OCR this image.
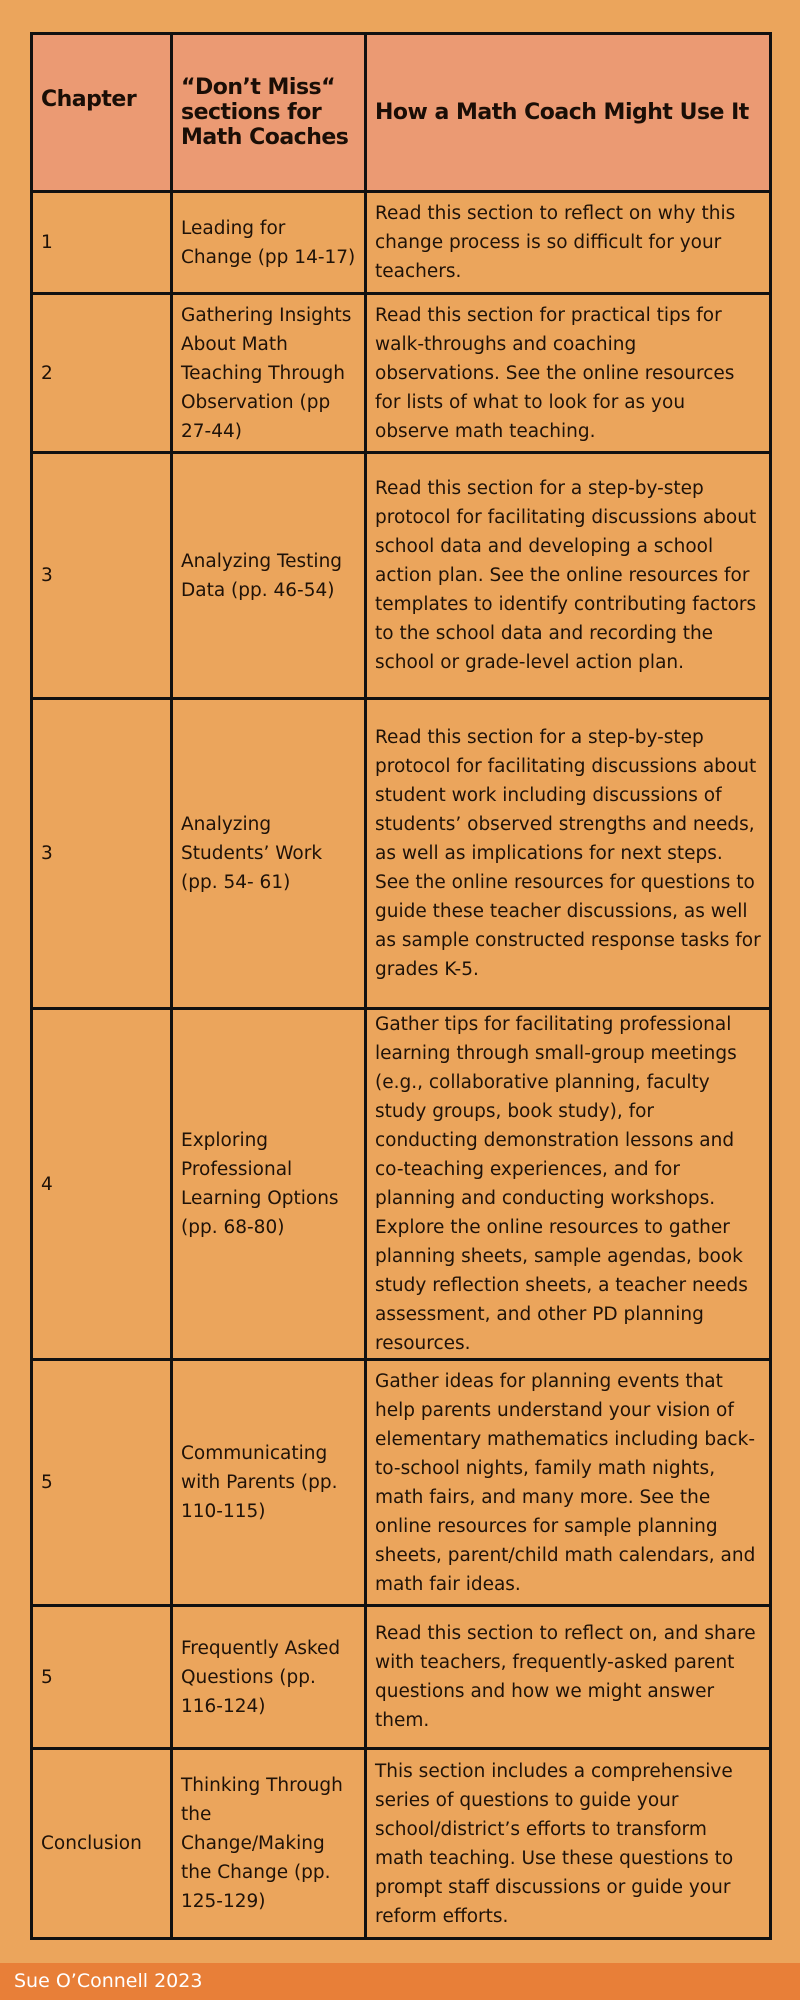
Chapter	“Don’t Miss“ sections for Math Coaches	How a Math Coach Might Use It
1	Leading for Change (pp 14-17)	Read this section to reflect on why this change process is so difficult for your teachers.
2	Gathering Insights About Math Teaching Through Observation (pp 27-44)	Read this section for practical tips for walk-throughs and coaching observations. See the online resources for lists of what to look for as you observe math teaching.
3	Analyzing Testing Data (pp. 46-54)	Read this section for a step-by-step protocol for facilitating discussions about school data and developing a school action plan. See the online resources for templates to identify contributing factors to the school data and recording the school or grade-level action plan.
3	Analyzing Students’ Work (pp. 54- 61)	Read this section for a step-by-step protocol for facilitating discussions about student work including discussions of students’ observed strengths and needs, as well as implications for next steps. See the online resources for questions to guide these teacher discussions, as well as sample constructed response tasks for grades K-5.
4	Exploring Professional Learning Options (pp. 68-80)	Gather tips for facilitating professional learning through small-group meetings (e.g., collaborative planning, faculty study groups, book study), for conducting demonstration lessons and co-teaching experiences, and for planning and conducting workshops. Explore the online resources to gather planning sheets, sample agendas, book study reflection sheets, a teacher needs assessment, and other PD planning resources.
5	Communicating with Parents (pp. 110-115)	Gather ideas for planning events that help parents understand your vision of elementary mathematics including back-to-school nights, family math nights, math fairs, and many more. See the online resources for sample planning sheets, parent/child math calendars, and math fair ideas.
5	Frequently Asked Questions (pp. 116-124)	Read this section to reflect on, and share with teachers, frequently-asked parent questions and how we might answer them.
Conclusion	Thinking Through the Change/Making the Change (pp. 125-129)	This section includes a comprehensive series of questions to guide your school/district’s efforts to transform math teaching. Use these questions to prompt staff discussions or guide your reform efforts.
Sue O’Connell 2023
